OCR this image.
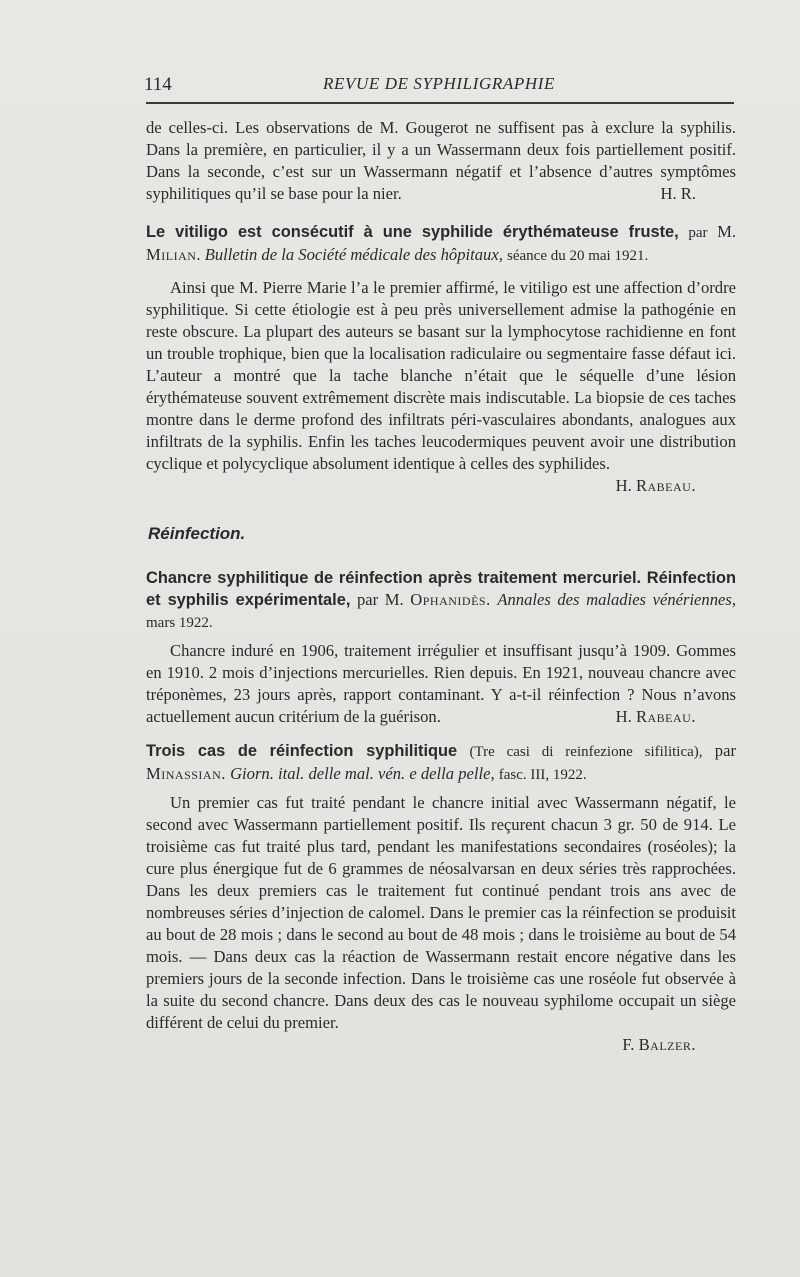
114	REVUE DE SYPHILIGRAPHIE

de celles-ci. Les observations de M. Gougerot ne suffisent pas à exclure la syphilis. Dans la première, en particulier, il y a un Wassermann deux fois partiellement positif. Dans la seconde, c’est sur un Wassermann négatif et l’absence d’autres symptômes syphilitiques qu’il se base pour la nier.	H. R.

Le vitiligo est consécutif à une syphilide érythémateuse fruste, par M. Milian. Bulletin de la Société médicale des hôpitaux, séance du 20 mai 1921.

Ainsi que M. Pierre Marie l’a le premier affirmé, le vitiligo est une affection d’ordre syphilitique. Si cette étiologie est à peu près universellement admise la pathogénie en reste obscure. La plupart des auteurs se basant sur la lymphocytose rachidienne en font un trouble trophique, bien que la localisation radiculaire ou segmentaire fasse défaut ici. L’auteur a montré que la tache blanche n’était que le séquelle d’une lésion érythémateuse souvent extrêmement discrète mais indiscutable. La biopsie de ces taches montre dans le derme profond des infiltrats péri-vasculaires abondants, analogues aux infiltrats de la syphilis. Enfin les taches leucodermiques peuvent avoir une distribution cyclique et polycyclique absolument identique à celles des syphilides.
H. Rabeau.

Réinfection.

Chancre syphilitique de réinfection après traitement mercuriel. Réinfection et syphilis expérimentale, par M. Ophanidès. Annales des maladies vénériennes, mars 1922.

Chancre induré en 1906, traitement irrégulier et insuffisant jusqu’à 1909. Gommes en 1910. 2 mois d’injections mercurielles. Rien depuis. En 1921, nouveau chancre avec tréponèmes, 23 jours après, rapport contaminant. Y a-t-il réinfection ? Nous n’avons actuellement aucun critérium de la guérison.	H. Rabeau.

Trois cas de réinfection syphilitique (Tre casi di reinfezione sifilitica), par Minassian. Giorn. ital. delle mal. vén. e della pelle, fasc. III, 1922.

Un premier cas fut traité pendant le chancre initial avec Wassermann négatif, le second avec Wassermann partiellement positif. Ils reçurent chacun 3 gr. 50 de 914. Le troisième cas fut traité plus tard, pendant les manifestations secondaires (roséoles); la cure plus énergique fut de 6 grammes de néosalvarsan en deux séries très rapprochées. Dans les deux premiers cas le traitement fut continué pendant trois ans avec de nombreuses séries d’injection de calomel. Dans le premier cas la réinfection se produisit au bout de 28 mois ; dans le second au bout de 48 mois ; dans le troisième au bout de 54 mois. — Dans deux cas la réaction de Wassermann restait encore négative dans les premiers jours de la seconde infection. Dans le troisième cas une roséole fut observée à la suite du second chancre. Dans deux des cas le nouveau syphilome occupait un siège différent de celui du premier.

F. Balzer.
